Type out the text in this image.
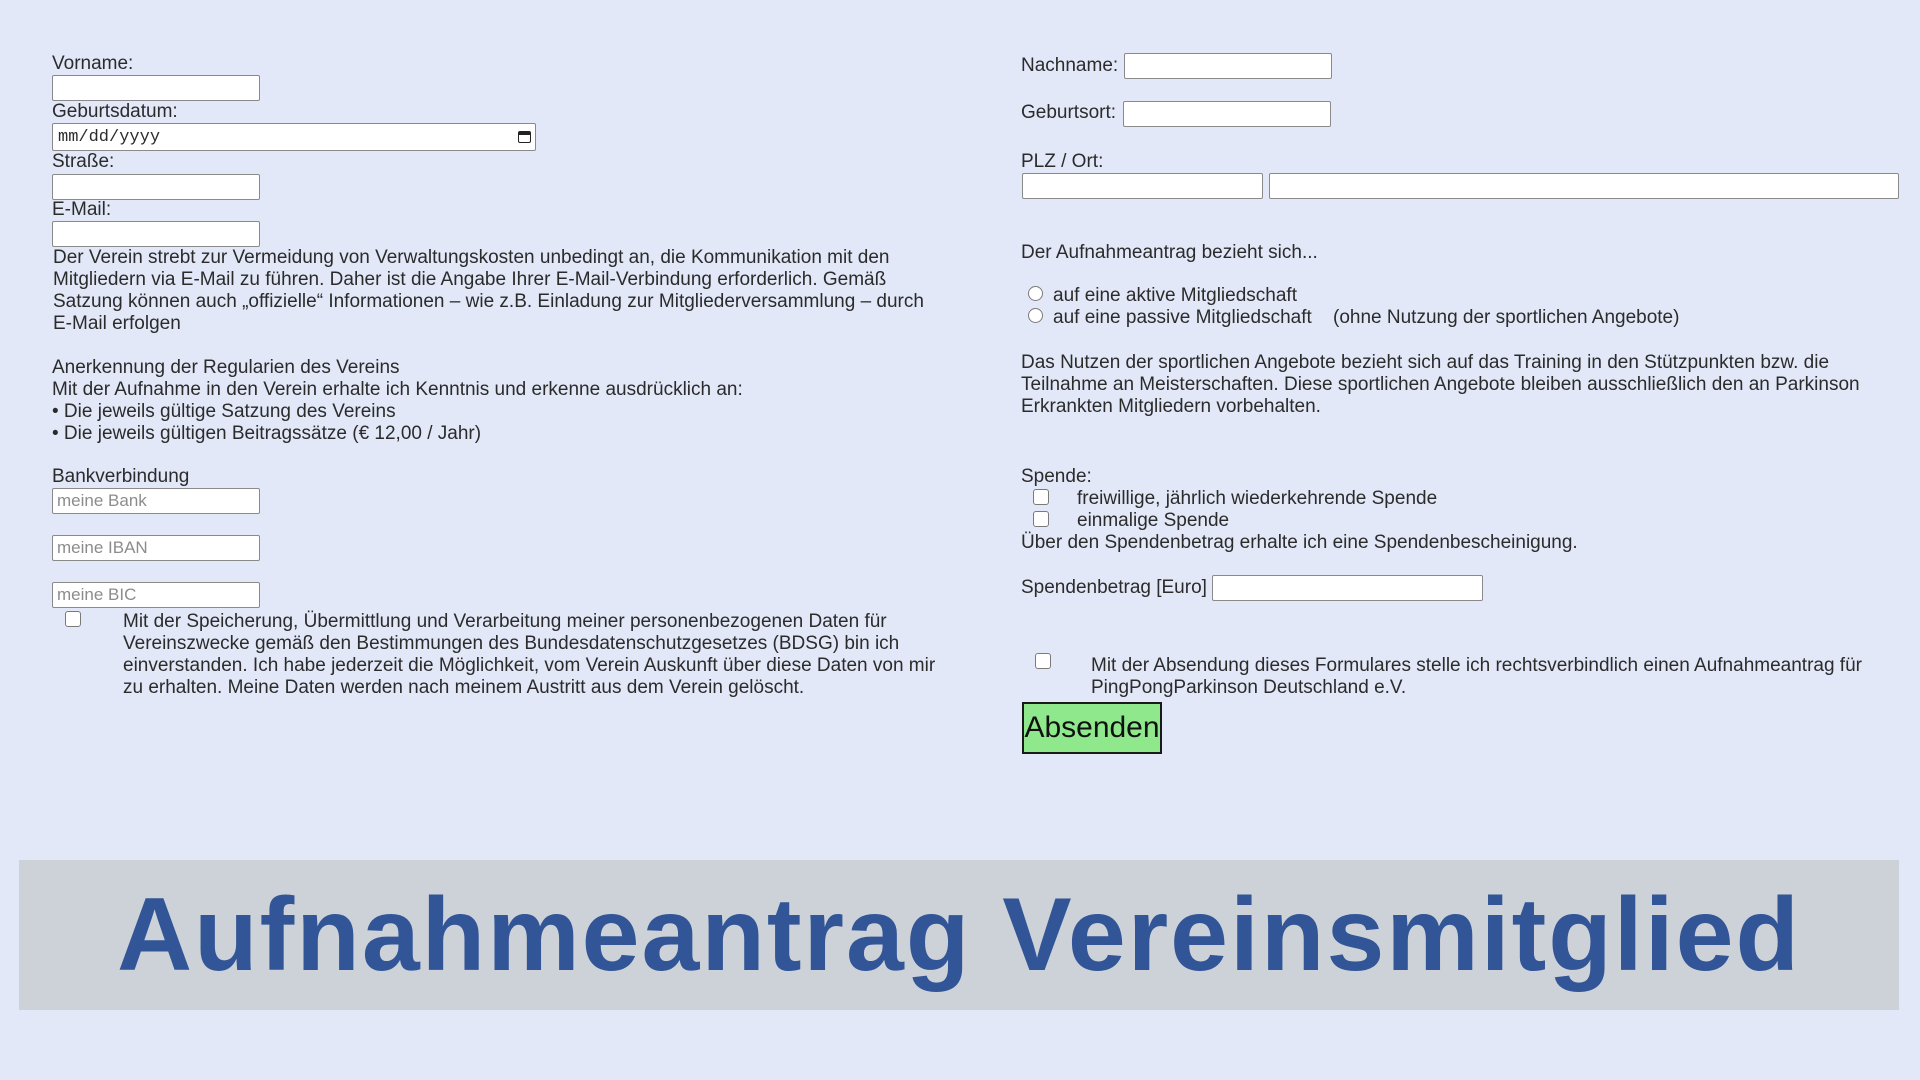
Vorname:
Geburtsdatum:
mm/dd/yyyy
Straße:
E-Mail:
Der Verein strebt zur Vermeidung von Verwaltungskosten unbedingt an, die Kommunikation mit den Mitgliedern via E-Mail zu führen. Daher ist die Angabe Ihrer E-Mail-Verbindung erforderlich. Gemäß Satzung können auch „offizielle“ Informationen – wie z.B. Einladung zur Mitgliederversammlung – durch E-Mail erfolgen
Anerkennung der Regularien des Vereins
Mit der Aufnahme in den Verein erhalte ich Kenntnis und erkenne ausdrücklich an:
• Die jeweils gültige Satzung des Vereins
• Die jeweils gültigen Beitragssätze (€ 12,00 / Jahr)
Bankverbindung
meine Bank
meine IBAN
meine BIC
Mit der Speicherung, Übermittlung und Verarbeitung meiner personenbezogenen Daten für Vereinszwecke gemäß den Bestimmungen des Bundesdatenschutzgesetzes (BDSG) bin ich einverstanden. Ich habe jederzeit die Möglichkeit, vom Verein Auskunft über diese Daten von mir zu erhalten. Meine Daten werden nach meinem Austritt aus dem Verein gelöscht.
Nachname:
Geburtsort:
PLZ / Ort:
Der Aufnahmeantrag bezieht sich...
auf eine aktive Mitgliedschaft
auf eine passive Mitgliedschaft (ohne Nutzung der sportlichen Angebote)
Das Nutzen der sportlichen Angebote bezieht sich auf das Training in den Stützpunkten bzw. die Teilnahme an Meisterschaften. Diese sportlichen Angebote bleiben ausschließlich den an Parkinson Erkrankten Mitgliedern vorbehalten.
Spende:
freiwillige, jährlich wiederkehrende Spende
einmalige Spende
Über den Spendenbetrag erhalte ich eine Spendenbescheinigung.
Spendenbetrag [Euro]
Mit der Absendung dieses Formulares stelle ich rechtsverbindlich einen Aufnahmeantrag für PingPongParkinson Deutschland e.V.
Absenden
Aufnahmeantrag Vereinsmitglied
